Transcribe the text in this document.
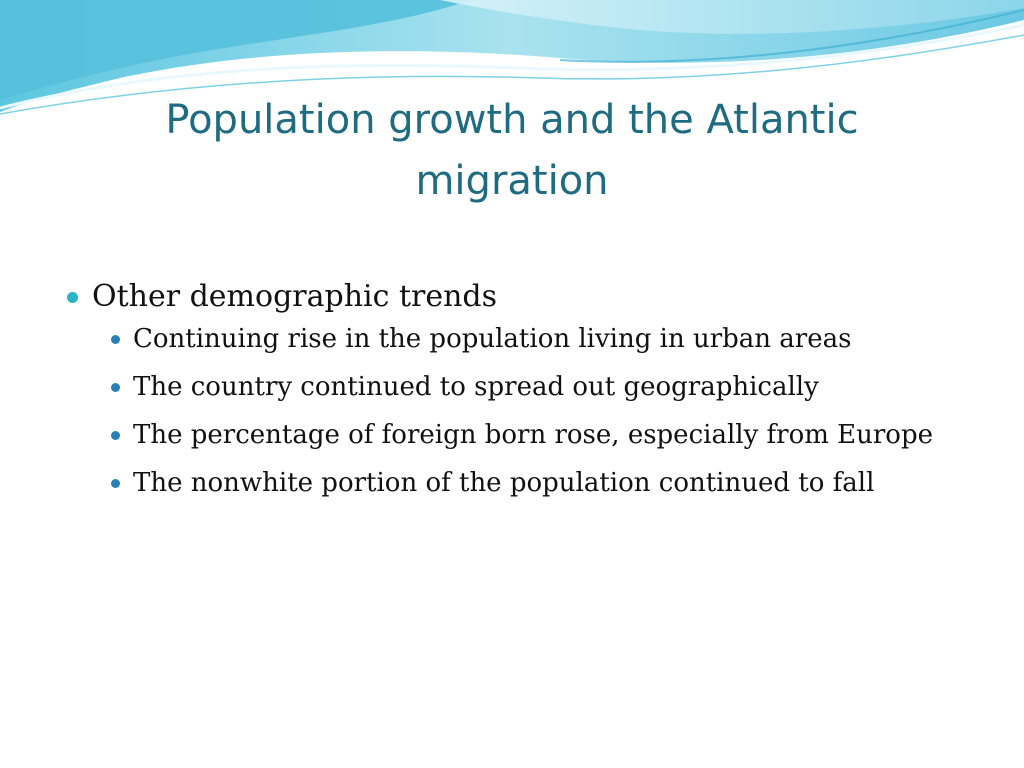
Population growth and the Atlantic migration
Other demographic trends
Continuing rise in the population living in urban areas
The country continued to spread out geographically
The percentage of foreign born rose, especially from Europe
The nonwhite portion of the population continued to fall
